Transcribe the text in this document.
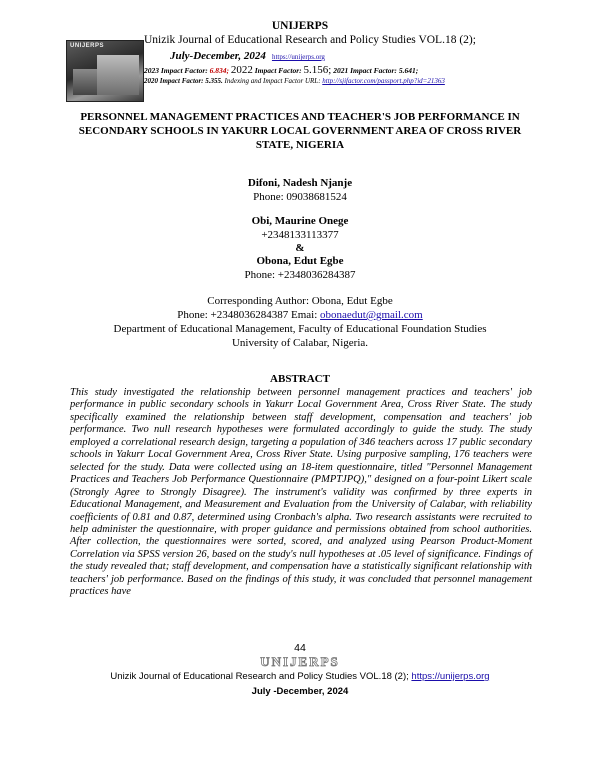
UNIJERPS
UNIJERPS
Unizik Journal of Educational Research and Policy Studies VOL.18 (2);
July-December, 2024 https://unijerps.org
2023 Impact Factor: 6.834; 2022 Impact Factor: 5.156; 2021 Impact Factor: 5.641;
2020 Impact Factor: 5.355. Indexing and Impact Factor URL: http://sjifactor.com/passport.php?id=21363
PERSONNEL MANAGEMENT PRACTICES AND TEACHER'S JOB PERFORMANCE IN SECONDARY SCHOOLS IN YAKURR LOCAL GOVERNMENT AREA OF CROSS RIVER STATE, NIGERIA
Difoni, Nadesh Njanje
Phone: 09038681524
Obi, Maurine Onege
+2348133113377
&
Obona, Edut Egbe
Phone: +2348036284387
Corresponding Author: Obona, Edut Egbe
Phone: +2348036284387 Emai: obonaedut@gmail.com
Department of Educational Management, Faculty of Educational Foundation Studies
University of Calabar, Nigeria.
ABSTRACT
This study investigated the relationship between personnel management practices and teachers' job performance in public secondary schools in Yakurr Local Government Area, Cross River State. The study specifically examined the relationship between staff development, compensation and teachers' job performance. Two null research hypotheses were formulated accordingly to guide the study. The study employed a correlational research design, targeting a population of 346 teachers across 17 public secondary schools in Yakurr Local Government Area, Cross River State. Using purposive sampling, 176 teachers were selected for the study. Data were collected using an 18-item questionnaire, titled "Personnel Management Practices and Teachers Job Performance Questionnaire (PMPTJPQ)," designed on a four-point Likert scale (Strongly Agree to Strongly Disagree). The instrument's validity was confirmed by three experts in Educational Management, and Measurement and Evaluation from the University of Calabar, with reliability coefficients of 0.81 and 0.87, determined using Cronbach's alpha. Two research assistants were recruited to help administer the questionnaire, with proper guidance and permissions obtained from school authorities. After collection, the questionnaires were sorted, scored, and analyzed using Pearson Product-Moment Correlation via SPSS version 26, based on the study's null hypotheses at .05 level of significance. Findings of the study revealed that; staff development, and compensation have a statistically significant relationship with teachers' job performance. Based on the findings of this study, it was concluded that personnel management practices have
44
UNIJERPS
Unizik Journal of Educational Research and Policy Studies VOL.18 (2); https://unijerps.org
July -December, 2024
